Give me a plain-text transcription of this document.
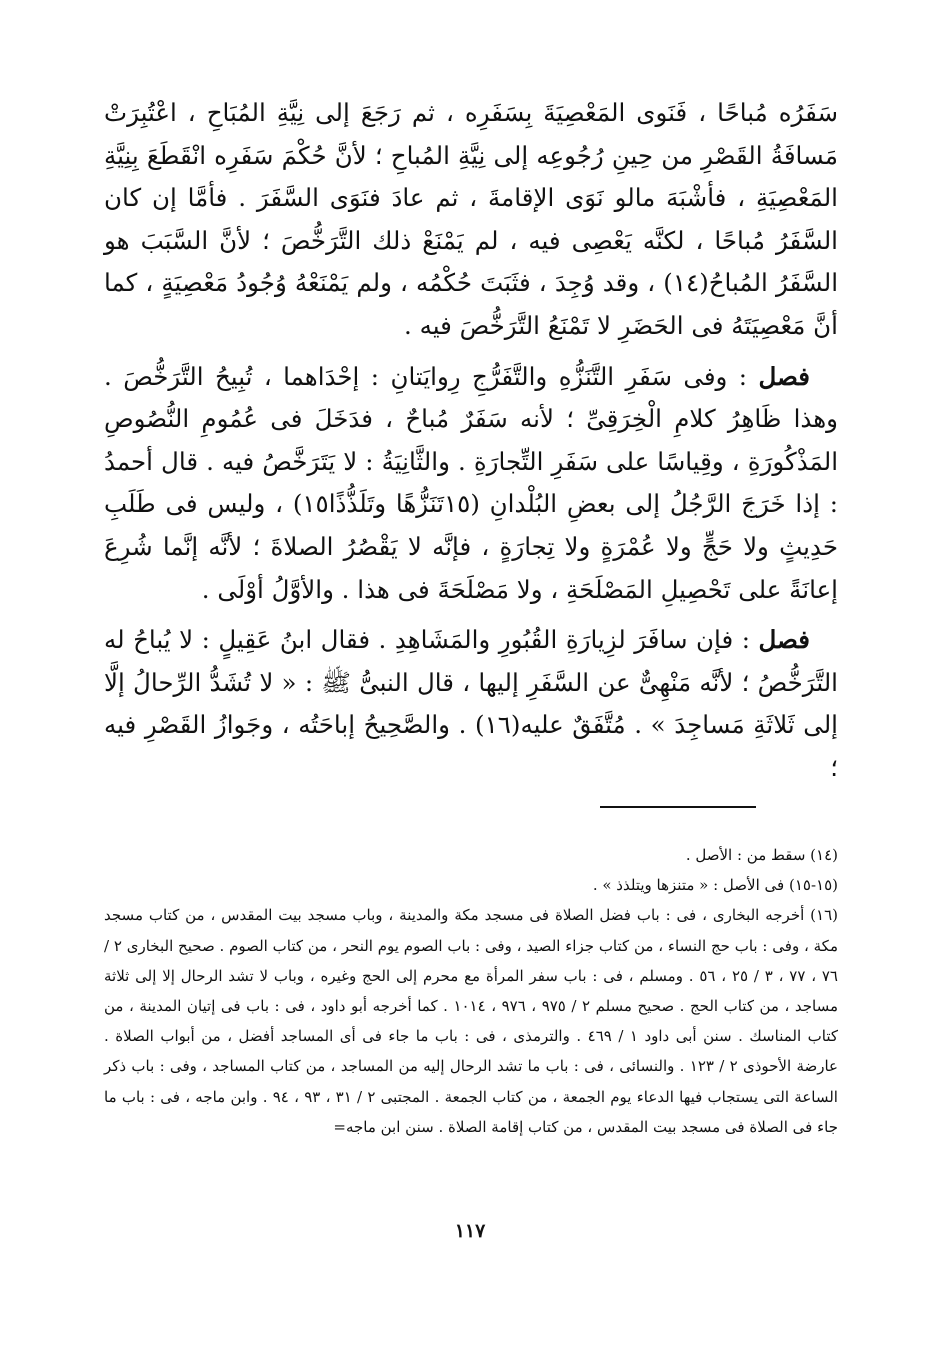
سَفَرُه مُباحًا ، فَنَوى المَعْصِيَةَ بِسَفَرِه ، ثم رَجَعَ إلى نِيَّةِ المُبَاحِ ، اعْتُبِرَتْ مَسافَةُ القَصْرِ من حِينِ رُجُوعِه إلى نِيَّةِ المُباحِ ؛ لأنَّ حُكْمَ سَفَرِه انْقَطَعَ بِنِيَّةِ المَعْصِيَةِ ، فأشْبَهَ مالو نَوَى الإقامةَ ، ثم عادَ فنَوَى السَّفَرَ . فأمَّا إن كان السَّفَرُ مُباحًا ، لكنَّه يَعْصِى فيه ، لم يَمْنَعْ ذلك التَّرَخُّصَ ؛ لأنَّ السَّبَبَ هو السَّفَرُ المُباحُ(١٤) ، وقد وُجِدَ ، فثَبَتَ حُكْمُه ، ولم يَمْنَعْهُ وُجُودُ مَعْصِيَةٍ ، كما أنَّ مَعْصِيَتَهُ فى الحَضَرِ لا تَمْنَعُ التَّرَخُّصَ فيه .

فصل : وفى سَفَرِ التَّنَزُّهِ والتَّفَرُّجِ رِوايَتانِ : إحْدَاهما ، تُبِيحُ التَّرَخُّصَ . وهذا ظَاهِرُ كلامِ الْخِرَقِىِّ ؛ لأنه سَفَرٌ مُباحٌ ، فدَخَلَ فى عُمُومِ النُّصُوصِ المَذْكُورَةِ ، وقِياسًا على سَفَرِ التِّجارَةِ . والثَّانِيَةُ : لا يَتَرَخَّصُ فيه . قال أحمدُ : إذا خَرَجَ الرَّجُلُ إلى بعضِ البُلْدانِ (١٥تَنَزُّهًا وتَلَذُّذًا١٥) ، وليس فى طَلَبِ حَدِيثٍ ولا حَجٍّ ولا عُمْرَةٍ ولا تِجارَةٍ ، فإنَّه لا يَقْصُرُ الصلاةَ ؛ لأنَّه إنَّما شُرِعَ إعانَةً على تَحْصِيلِ المَصْلَحَةِ ، ولا مَصْلَحَةَ فى هذا . والأوَّلُ أوْلَى .

فصل : فإن سافَرَ لزِيارَةِ القُبُورِ والمَشَاهِدِ . فقال ابنُ عَقِيلٍ : لا يُباحُ له التَّرَخُّصُ ؛ لأنَّه مَنْهِىٌّ عن السَّفَرِ إليها ، قال النبىُّ ﷺ : « لا تُشَدُّ الرِّحالُ إلَّا إلى ثَلاثَةِ مَساجِدَ » . مُتَّفَقٌ عليه(١٦) . والصَّحِيحُ إباحَتُه ، وجَوازُ القَصْرِ فيه ؛

(١٤) سقط من : الأصل .

(١٥-١٥) فى الأصل : « متنزها ويتلذذ » .

(١٦) أخرجه البخارى ، فى : باب فضل الصلاة فى مسجد مكة والمدينة ، وباب مسجد بيت المقدس ، من كتاب مسجد مكة ، وفى : باب حج النساء ، من كتاب جزاء الصيد ، وفى : باب الصوم يوم النحر ، من كتاب الصوم . صحيح البخارى ٢ / ٧٦ ، ٧٧ ، ٣ / ٢٥ ، ٥٦ . ومسلم ، فى : باب سفر المرأة مع محرم إلى الحج وغيره ، وباب لا تشد الرحال إلا إلى ثلاثة مساجد ، من كتاب الحج . صحيح مسلم ٢ / ٩٧٥ ، ٩٧٦ ، ١٠١٤ . كما أخرجه أبو داود ، فى : باب فى إتيان المدينة ، من كتاب المناسك . سنن أبى داود ١ / ٤٦٩ . والترمذى ، فى : باب ما جاء فى أى المساجد أفضل ، من أبواب الصلاة . عارضة الأحوذى ٢ / ١٢٣ . والنسائى ، فى : باب ما تشد الرحال إليه من المساجد ، من كتاب المساجد ، وفى : باب ذكر الساعة التى يستجاب فيها الدعاء يوم الجمعة ، من كتاب الجمعة . المجتبى ٢ / ٣١ ، ٩٣ ، ٩٤ . وابن ماجه ، فى : باب ما جاء فى الصلاة فى مسجد بيت المقدس ، من كتاب إقامة الصلاة . سنن ابن ماجه=

١١٧
